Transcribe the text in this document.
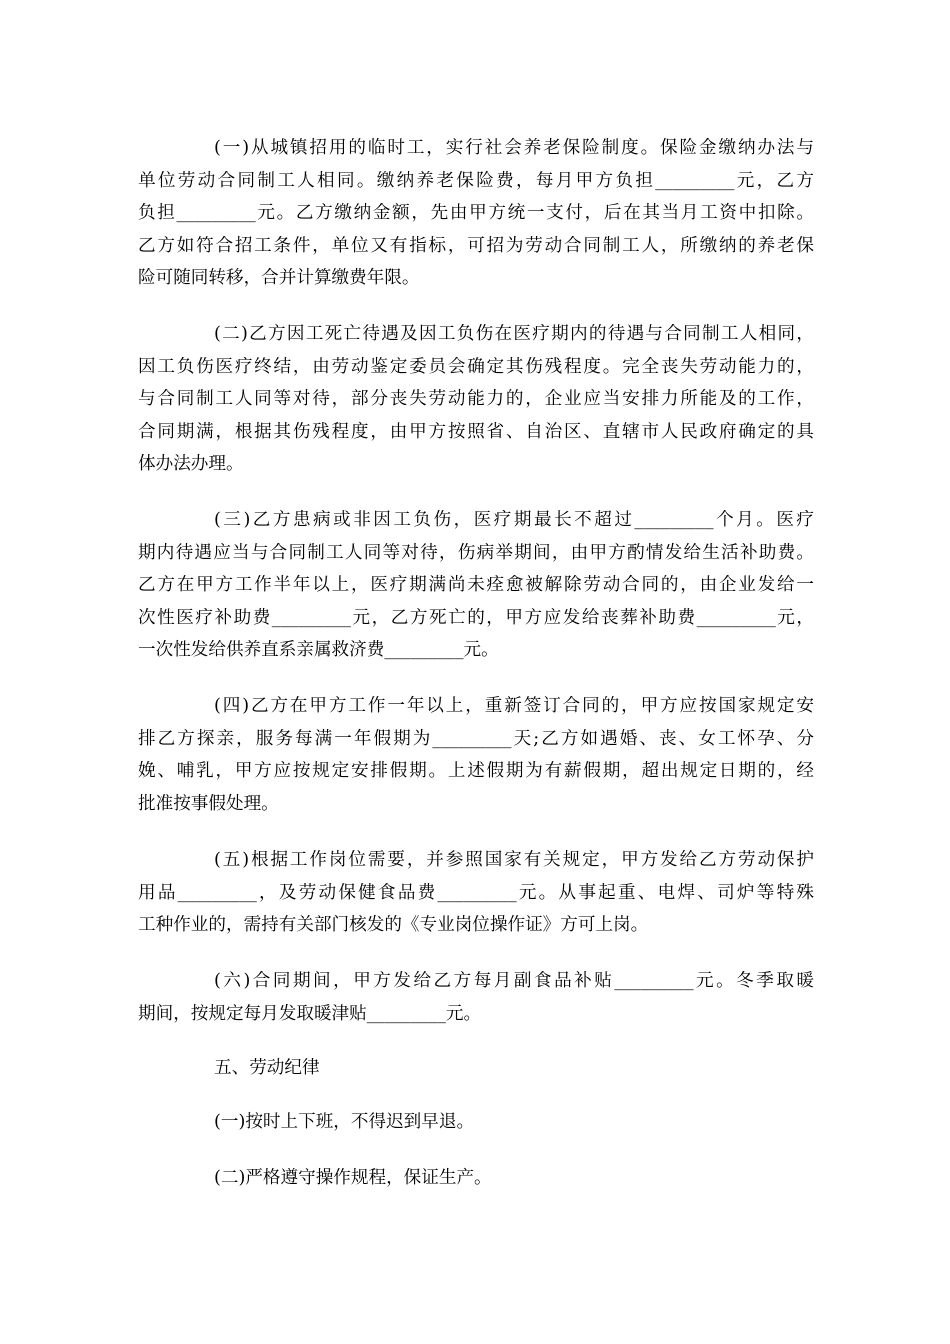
(一)从城镇招用的临时工，实行社会养老保险制度。保险金缴纳办法与
单位劳动合同制工人相同。缴纳养老保险费，每月甲方负担_________元，乙方
负担_________元。乙方缴纳金额，先由甲方统一支付，后在其当月工资中扣除。
乙方如符合招工条件，单位又有指标，可招为劳动合同制工人，所缴纳的养老保
险可随同转移，合并计算缴费年限。
(二)乙方因工死亡待遇及因工负伤在医疗期内的待遇与合同制工人相同，
因工负伤医疗终结，由劳动鉴定委员会确定其伤残程度。完全丧失劳动能力的，
与合同制工人同等对待，部分丧失劳动能力的，企业应当安排力所能及的工作，
合同期满，根据其伤残程度，由甲方按照省、自治区、直辖市人民政府确定的具
体办法办理。
(三)乙方患病或非因工负伤，医疗期最长不超过_________个月。医疗
期内待遇应当与合同制工人同等对待，伤病举期间，由甲方酌情发给生活补助费。
乙方在甲方工作半年以上，医疗期满尚未痊愈被解除劳动合同的，由企业发给一
次性医疗补助费_________元，乙方死亡的，甲方应发给丧葬补助费_________元，
一次性发给供养直系亲属救济费_________元。
(四)乙方在甲方工作一年以上，重新签订合同的，甲方应按国家规定安
排乙方探亲，服务每满一年假期为_________天;乙方如遇婚、丧、女工怀孕、分
娩、哺乳，甲方应按规定安排假期。上述假期为有薪假期，超出规定日期的，经
批准按事假处理。
(五)根据工作岗位需要，并参照国家有关规定，甲方发给乙方劳动保护
用品_________，及劳动保健食品费_________元。从事起重、电焊、司炉等特殊
工种作业的，需持有关部门核发的《专业岗位操作证》方可上岗。
(六)合同期间，甲方发给乙方每月副食品补贴_________元。冬季取暖
期间，按规定每月发取暖津贴_________元。

五、劳动纪律

(一)按时上下班，不得迟到早退。

(二)严格遵守操作规程，保证生产。
